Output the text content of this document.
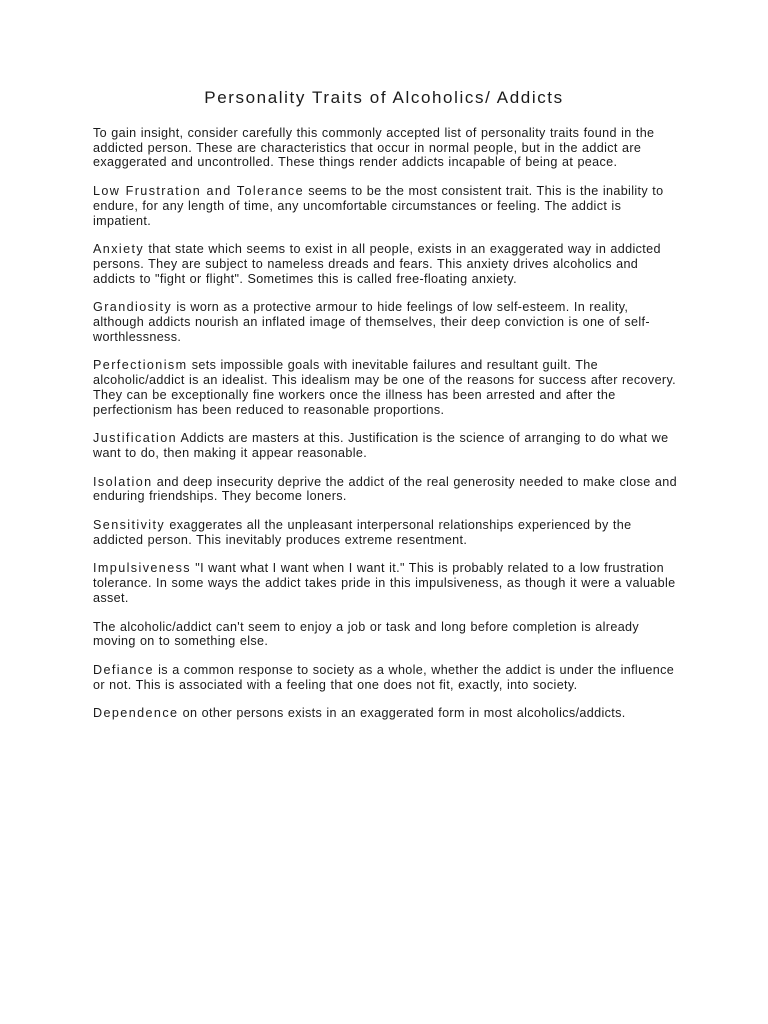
Personality Traits of Alcoholics/ Addicts

To gain insight, consider carefully this commonly accepted list of personality traits found in the addicted person. These are characteristics that occur in normal people, but in the addict are exaggerated and uncontrolled. These things render addicts incapable of being at peace.

Low Frustration and Tolerance seems to be the most consistent trait. This is the inability to endure, for any length of time, any uncomfortable circumstances or feeling. The addict is impatient.

Anxiety that state which seems to exist in all people, exists in an exaggerated way in addicted persons. They are subject to nameless dreads and fears. This anxiety drives alcoholics and addicts to "fight or flight". Sometimes this is called free-floating anxiety.

Grandiosity is worn as a protective armour to hide feelings of low self-esteem. In reality, although addicts nourish an inflated image of themselves, their deep conviction is one of self-worthlessness.

Perfectionism sets impossible goals with inevitable failures and resultant guilt. The alcoholic/addict is an idealist. This idealism may be one of the reasons for success after recovery. They can be exceptionally fine workers once the illness has been arrested and after the perfectionism has been reduced to reasonable proportions.

Justification Addicts are masters at this. Justification is the science of arranging to do what we want to do, then making it appear reasonable.

Isolation and deep insecurity deprive the addict of the real generosity needed to make close and enduring friendships. They become loners.

Sensitivity exaggerates all the unpleasant interpersonal relationships experienced by the addicted person. This inevitably produces extreme resentment.

Impulsiveness "I want what I want when I want it." This is probably related to a low frustration tolerance. In some ways the addict takes pride in this impulsiveness, as though it were a valuable asset.

The alcoholic/addict can't seem to enjoy a job or task and long before completion is already moving on to something else.

Defiance is a common response to society as a whole, whether the addict is under the influence or not. This is associated with a feeling that one does not fit, exactly, into society.

Dependence on other persons exists in an exaggerated form in most alcoholics/addicts.
